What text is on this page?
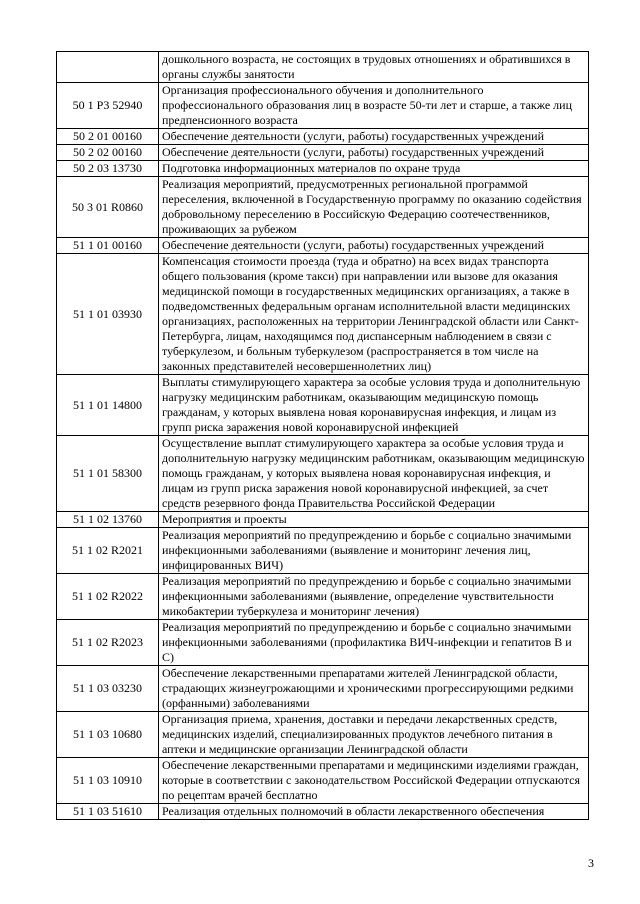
	дошкольного возраста, не состоящих в трудовых отношениях и обратившихся в органы службы занятости
50 1 P3 52940	Организация профессионального обучения и дополнительного профессионального образования лиц в возрасте 50-ти лет и старше, а также лиц предпенсионного возраста
50 2 01 00160	Обеспечение деятельности (услуги, работы) государственных учреждений
50 2 02 00160	Обеспечение деятельности (услуги, работы) государственных учреждений
50 2 03 13730	Подготовка информационных материалов по охране труда
50 3 01 R0860	Реализация мероприятий, предусмотренных региональной программой переселения, включенной в Государственную программу по оказанию содействия добровольному переселению в Российскую Федерацию соотечественников, проживающих за рубежом
51 1 01 00160	Обеспечение деятельности (услуги, работы) государственных учреждений
51 1 01 03930	Компенсация стоимости проезда (туда и обратно) на всех видах транспорта общего пользования (кроме такси) при направлении или вызове для оказания медицинской помощи в государственных медицинских организациях, а также в подведомственных федеральным органам исполнительной власти медицинских организациях, расположенных на территории Ленинградской области или Санкт-Петербурга, лицам, находящимся под диспансерным наблюдением в связи с туберкулезом, и больным туберкулезом (распространяется в том числе на законных представителей несовершеннолетних лиц)
51 1 01 14800	Выплаты стимулирующего характера за особые условия труда и дополнительную нагрузку медицинским работникам, оказывающим медицинскую помощь гражданам, у которых выявлена новая коронавирусная инфекция, и лицам из групп риска заражения новой коронавирусной инфекцией
51 1 01 58300	Осуществление выплат стимулирующего характера за особые условия труда и дополнительную нагрузку медицинским работникам, оказывающим медицинскую помощь гражданам, у которых выявлена новая коронавирусная инфекция, и лицам из групп риска заражения новой коронавирусной инфекцией, за счет средств резервного фонда Правительства Российской Федерации
51 1 02 13760	Мероприятия и проекты
51 1 02 R2021	Реализация мероприятий по предупреждению и борьбе с социально значимыми инфекционными заболеваниями (выявление и мониторинг лечения лиц, инфицированных ВИЧ)
51 1 02 R2022	Реализация мероприятий по предупреждению и борьбе с социально значимыми инфекционными заболеваниями (выявление, определение чувствительности микобактерии туберкулеза и мониторинг лечения)
51 1 02 R2023	Реализация мероприятий по предупреждению и борьбе с социально значимыми инфекционными заболеваниями (профилактика ВИЧ-инфекции и гепатитов В и С)
51 1 03 03230	Обеспечение лекарственными препаратами жителей Ленинградской области, страдающих жизнеугрожающими и хроническими прогрессирующими редкими (орфанными) заболеваниями
51 1 03 10680	Организация приема, хранения, доставки и передачи лекарственных средств, медицинских изделий, специализированных продуктов лечебного питания в аптеки и медицинские организации Ленинградской области
51 1 03 10910	Обеспечение лекарственными препаратами и медицинскими изделиями граждан, которые в соответствии с законодательством Российской Федерации отпускаются по рецептам врачей бесплатно
51 1 03 51610	Реализация отдельных полномочий в области лекарственного обеспечения
3
